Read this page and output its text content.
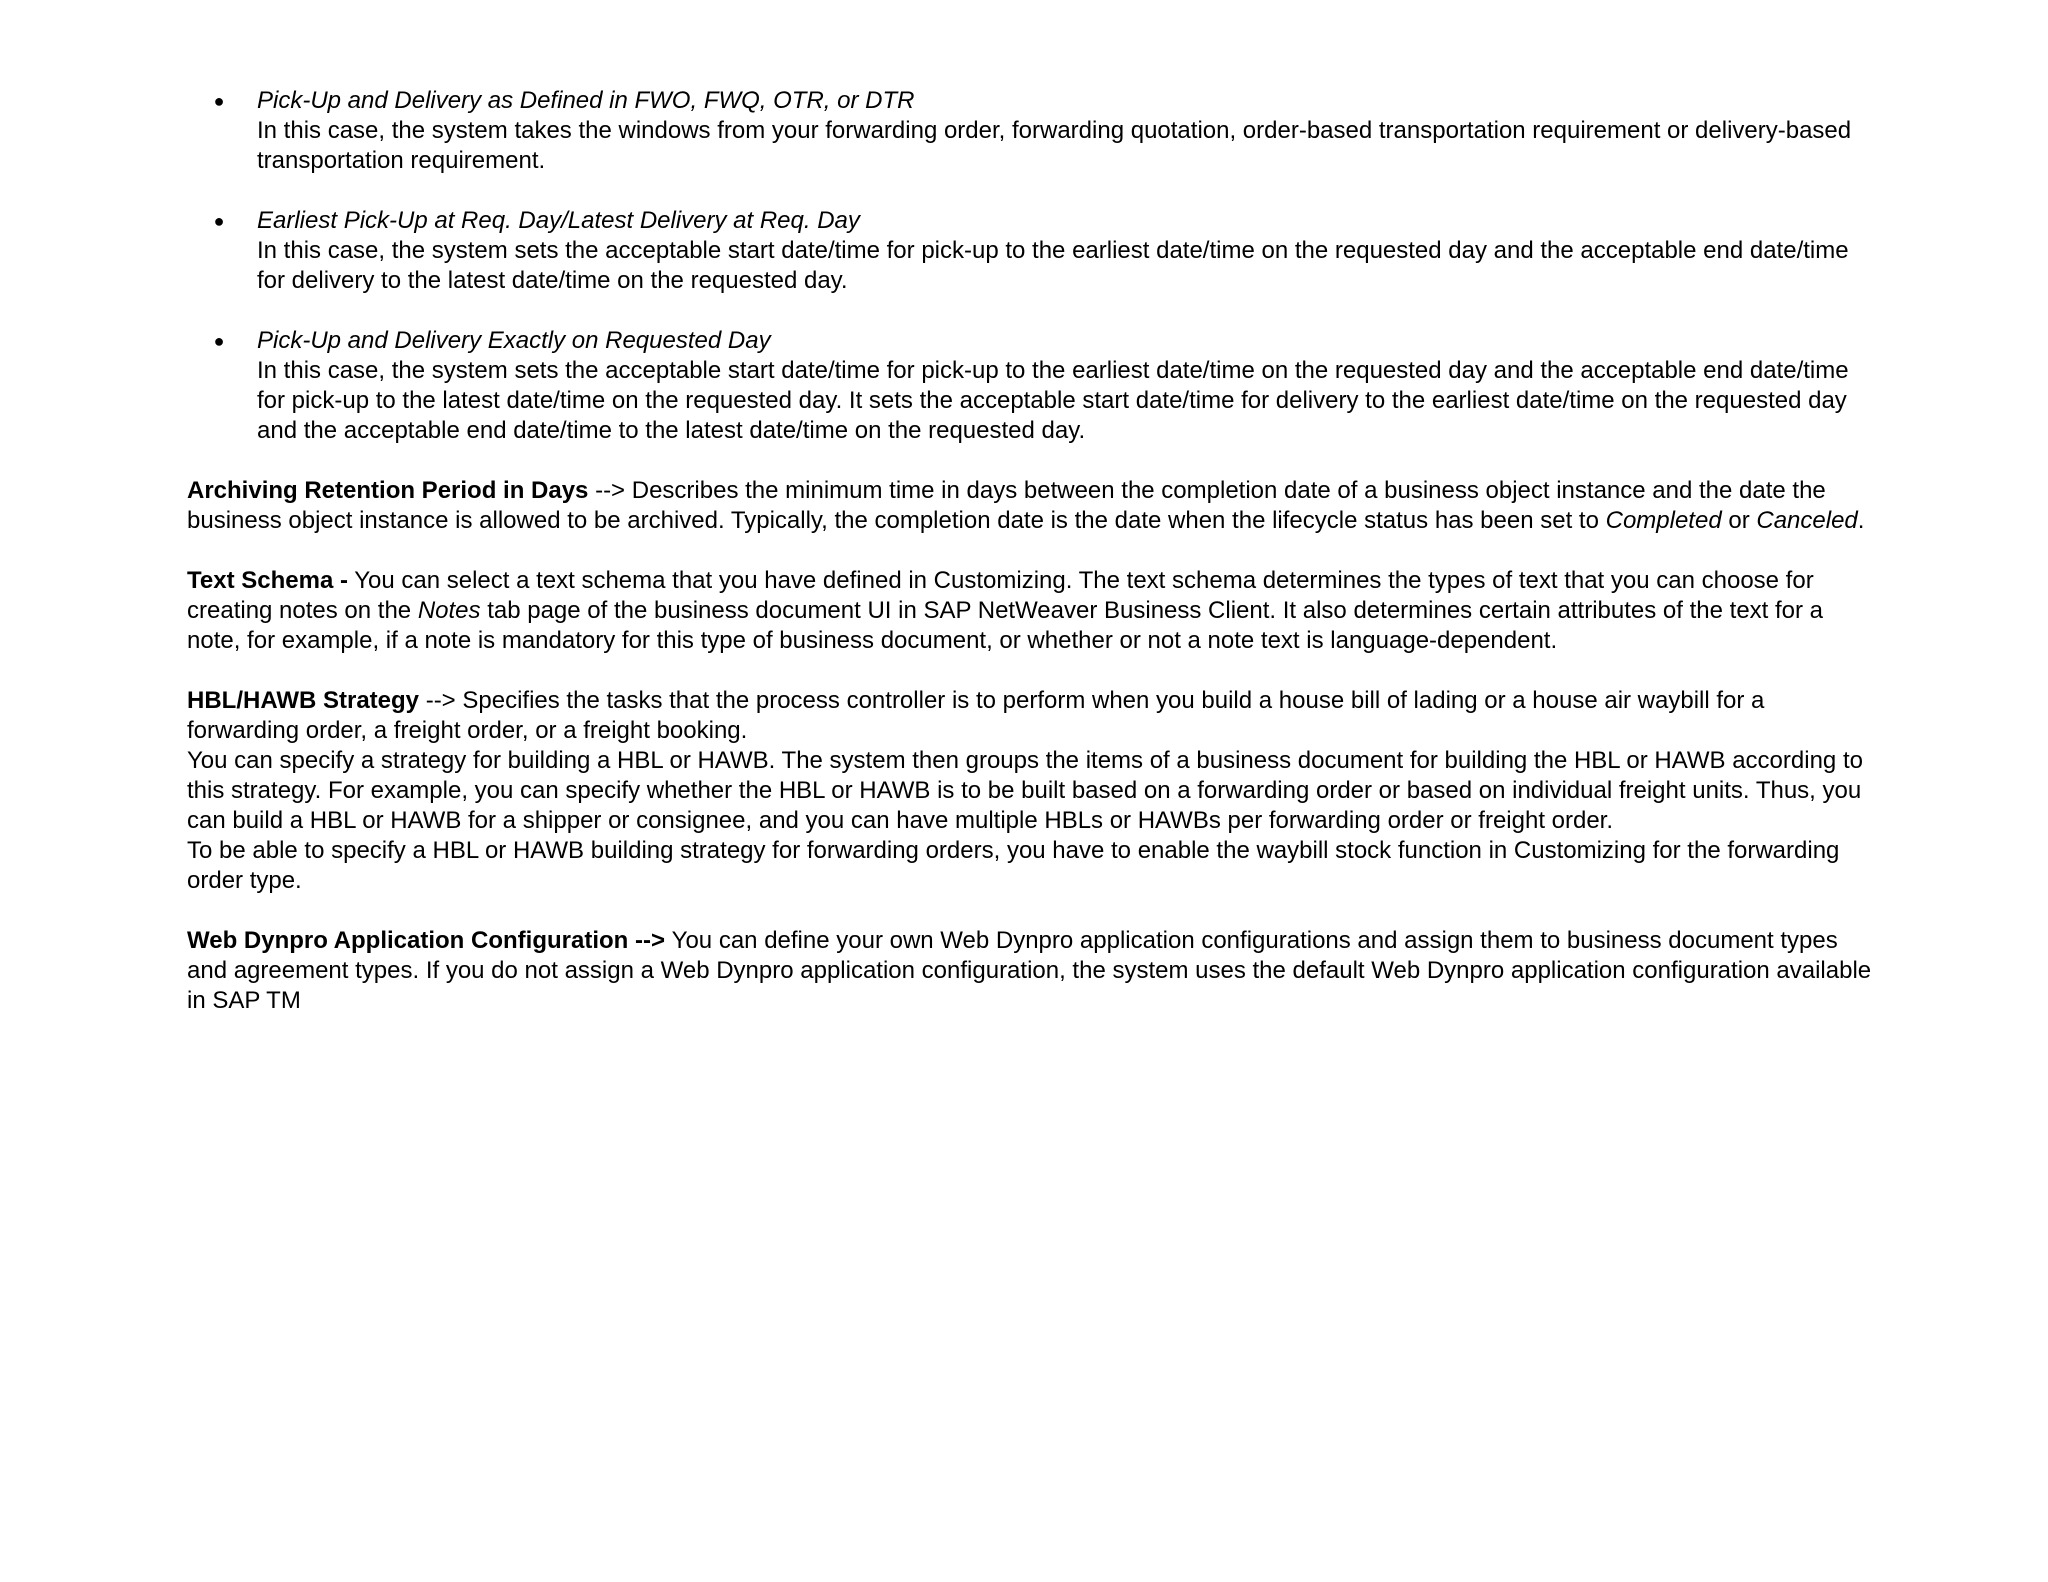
● Pick-Up and Delivery as Defined in FWO, FWQ, OTR, or DTR
In this case, the system takes the windows from your forwarding order, forwarding quotation, order-based transportation requirement or delivery-based transportation requirement.
● Earliest Pick-Up at Req. Day/Latest Delivery at Req. Day
In this case, the system sets the acceptable start date/time for pick-up to the earliest date/time on the requested day and the acceptable end date/time for delivery to the latest date/time on the requested day.
● Pick-Up and Delivery Exactly on Requested Day
In this case, the system sets the acceptable start date/time for pick-up to the earliest date/time on the requested day and the acceptable end date/time for pick-up to the latest date/time on the requested day. It sets the acceptable start date/time for delivery to the earliest date/time on the requested day and the acceptable end date/time to the latest date/time on the requested day.

Archiving Retention Period in Days --> Describes the minimum time in days between the completion date of a business object instance and the date the business object instance is allowed to be archived. Typically, the completion date is the date when the lifecycle status has been set to Completed or Canceled.

Text Schema - You can select a text schema that you have defined in Customizing. The text schema determines the types of text that you can choose for creating notes on the Notes tab page of the business document UI in SAP NetWeaver Business Client. It also determines certain attributes of the text for a note, for example, if a note is mandatory for this type of business document, or whether or not a note text is language-dependent.

HBL/HAWB Strategy --> Specifies the tasks that the process controller is to perform when you build a house bill of lading or a house air waybill for a forwarding order, a freight order, or a freight booking.
You can specify a strategy for building a HBL or HAWB. The system then groups the items of a business document for building the HBL or HAWB according to this strategy. For example, you can specify whether the HBL or HAWB is to be built based on a forwarding order or based on individual freight units. Thus, you can build a HBL or HAWB for a shipper or consignee, and you can have multiple HBLs or HAWBs per forwarding order or freight order.
To be able to specify a HBL or HAWB building strategy for forwarding orders, you have to enable the waybill stock function in Customizing for the forwarding order type.

Web Dynpro Application Configuration --> You can define your own Web Dynpro application configurations and assign them to business document types and agreement types. If you do not assign a Web Dynpro application configuration, the system uses the default Web Dynpro application configuration available in SAP TM
